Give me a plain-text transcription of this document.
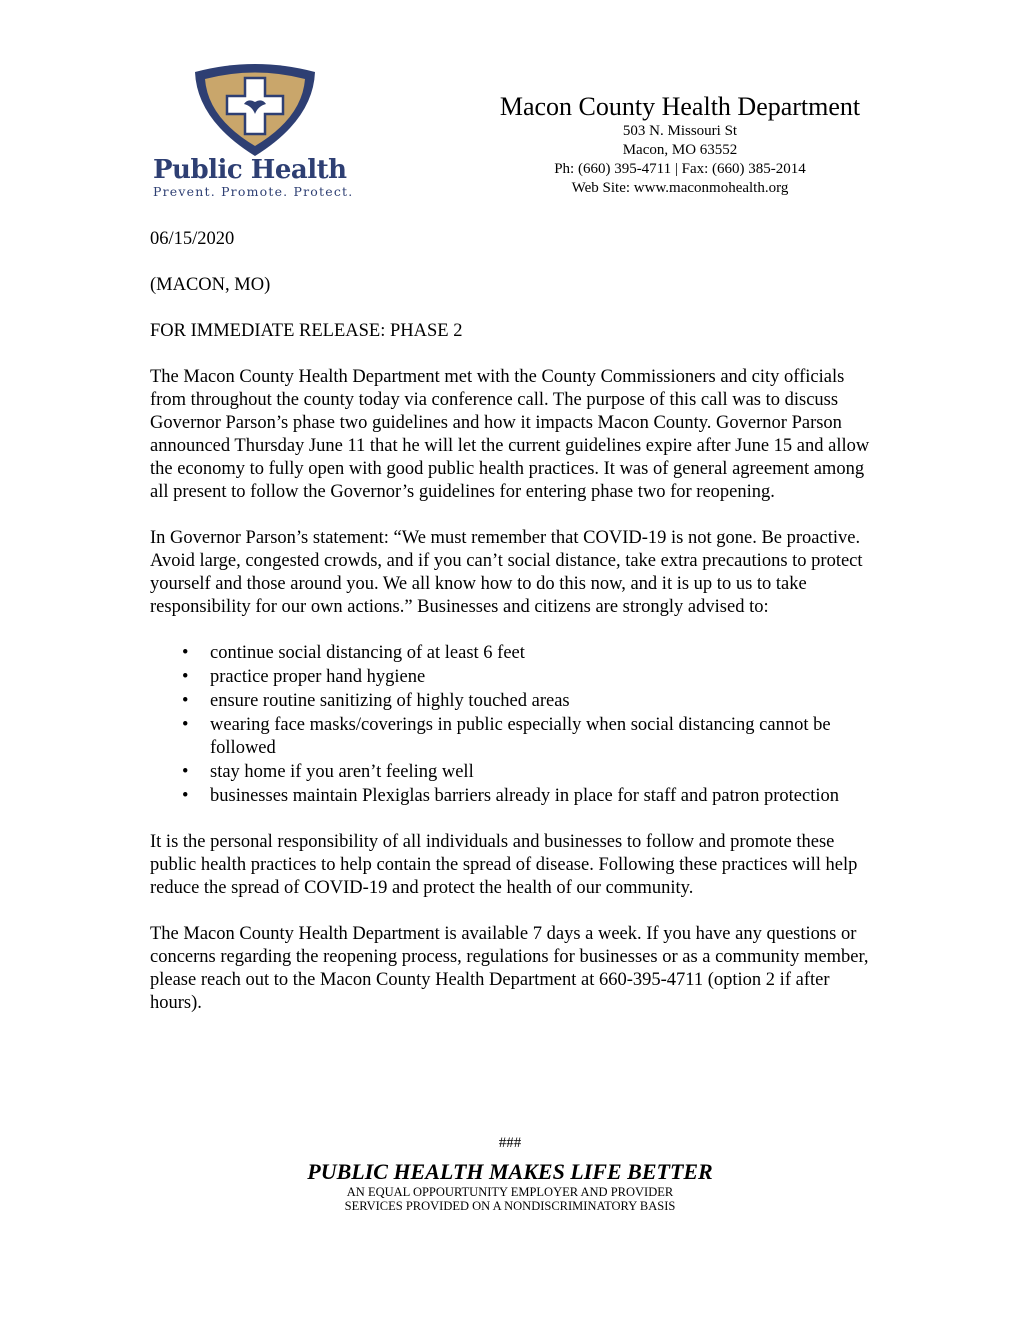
Public Health
Prevent. Promote. Protect.

Macon County Health Department

503 N. Missouri St

Macon, MO 63552

Ph: (660) 395-4711 | Fax: (660) 385-2014

Web Site: www.maconmohealth.org

06/15/2020

(MACON, MO)

FOR IMMEDIATE RELEASE: PHASE 2

The Macon County Health Department met with the County Commissioners and city officials from throughout the county today via conference call. The purpose of this call was to discuss Governor Parson’s phase two guidelines and how it impacts Macon County. Governor Parson announced Thursday June 11 that he will let the current guidelines expire after June 15 and allow the economy to fully open with good public health practices. It was of general agreement among all present to follow the Governor’s guidelines for entering phase two for reopening.

In Governor Parson’s statement: “We must remember that COVID-19 is not gone. Be proactive. Avoid large, congested crowds, and if you can’t social distance, take extra precautions to protect yourself and those around you. We all know how to do this now, and it is up to us to take responsibility for our own actions.” Businesses and citizens are strongly advised to:

• continue social distancing of at least 6 feet
• practice proper hand hygiene
• ensure routine sanitizing of highly touched areas
• wearing face masks/coverings in public especially when social distancing cannot be followed
• stay home if you aren’t feeling well
• businesses maintain Plexiglas barriers already in place for staff and patron protection

It is the personal responsibility of all individuals and businesses to follow and promote these public health practices to help contain the spread of disease. Following these practices will help reduce the spread of COVID-19 and protect the health of our community.

The Macon County Health Department is available 7 days a week. If you have any questions or concerns regarding the reopening process, regulations for businesses or as a community member, please reach out to the Macon County Health Department at 660-395-4711 (option 2 if after hours).

###

PUBLIC HEALTH MAKES LIFE BETTER

AN EQUAL OPPOURTUNITY EMPLOYER AND PROVIDER

SERVICES PROVIDED ON A NONDISCRIMINATORY BASIS
